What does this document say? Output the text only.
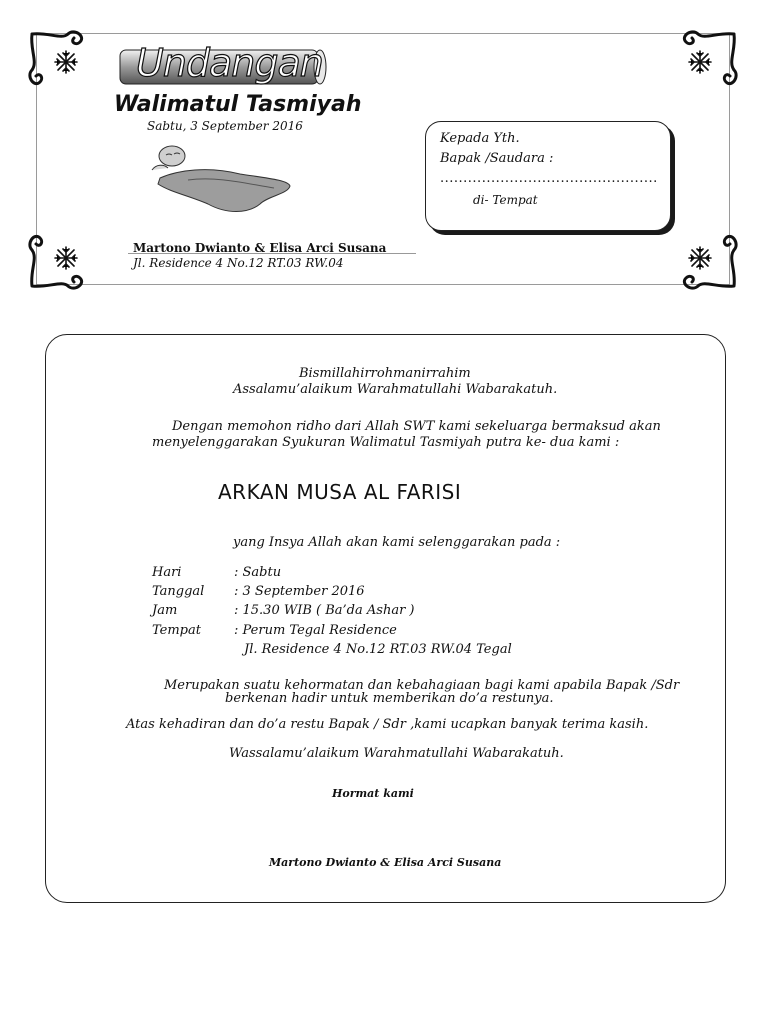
Undangan
Walimatul Tasmiyah
Sabtu, 3 September 2016
Martono Dwianto & Elisa Arci Susana
Jl. Residence 4 No.12 RT.03 RW.04
Kepada Yth.
Bapak /Saudara :
...............................................
di- Tempat
Bismillahirrohmanirrahim
Assalamu’alaikum Warahmatullahi Wabarakatuh.
Dengan memohon ridho dari Allah SWT kami sekeluarga bermaksud akan
menyelenggarakan Syukuran Walimatul Tasmiyah putra ke- dua kami :
ARKAN MUSA AL FARISI
yang Insya Allah akan kami selenggarakan pada :
Hari	: Sabtu
Tanggal : 3 September 2016
Jam	: 15.30 WIB ( Ba’da Ashar )
Tempat	: Perum Tegal Residence
Jl. Residence 4 No.12 RT.03 RW.04 Tegal
Merupakan suatu kehormatan dan kebahagiaan bagi kami apabila Bapak /Sdr
berkenan hadir untuk memberikan do’a restunya.
Atas kehadiran dan do’a restu Bapak / Sdr ,kami ucapkan banyak terima kasih.
Wassalamu’alaikum Warahmatullahi Wabarakatuh.
Hormat kami
Martono Dwianto & Elisa Arci Susana
